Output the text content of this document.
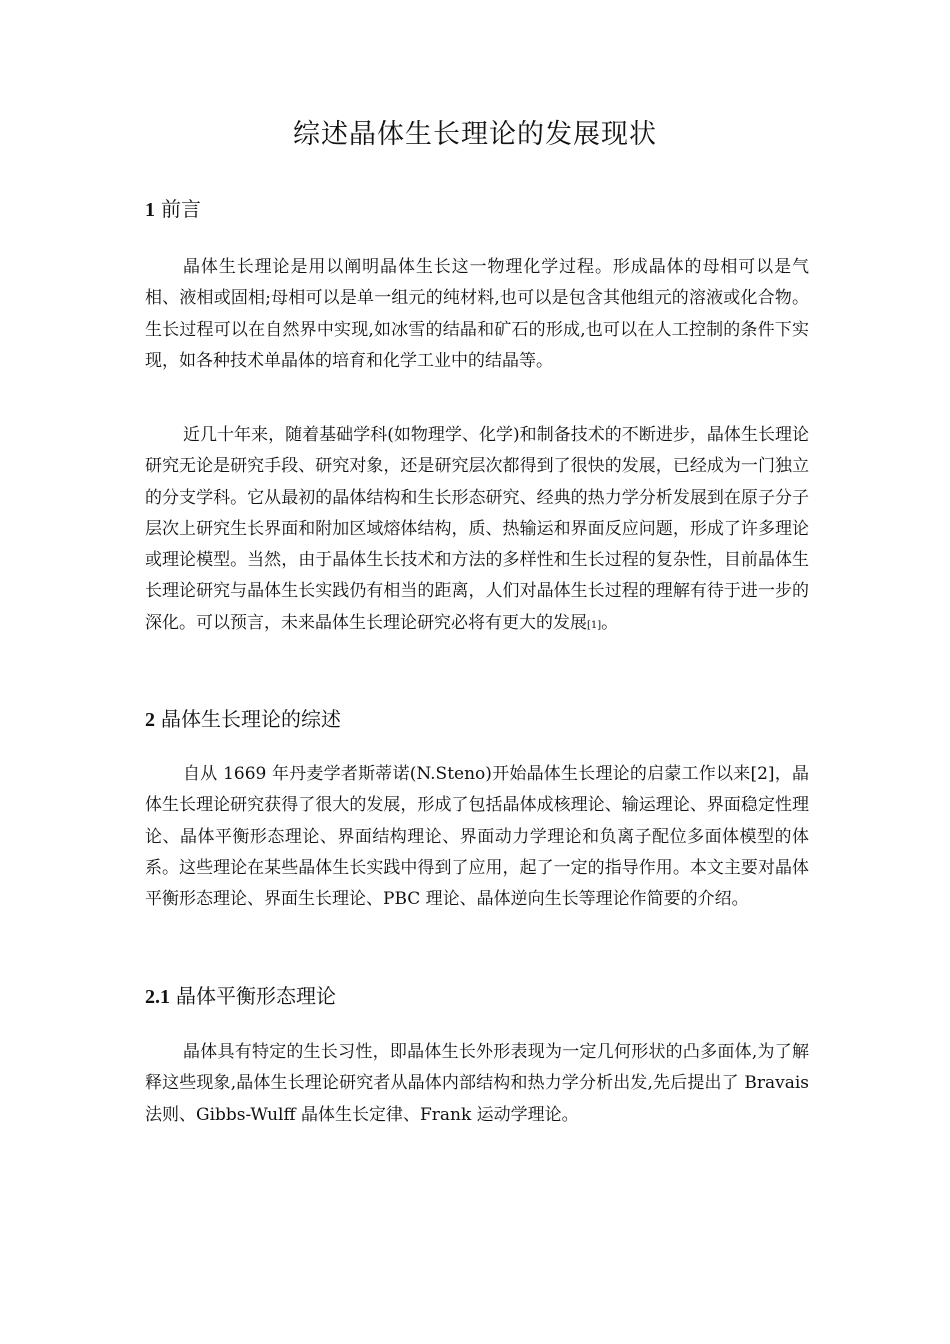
综述晶体生长理论的发展现状
1 前言

晶体生长理论是用以阐明晶体生长这一物理化学过程。形成晶体的母相可以是气相、液相或固相;母相可以是单一组元的纯材料,也可以是包含其他组元的溶液或化合物。生长过程可以在自然界中实现,如冰雪的结晶和矿石的形成,也可以在人工控制的条件下实现，如各种技术单晶体的培育和化学工业中的结晶等。

近几十年来，随着基础学科(如物理学、化学)和制备技术的不断进步，晶体生长理论研究无论是研究手段、研究对象，还是研究层次都得到了很快的发展，已经成为一门独立的分支学科。它从最初的晶体结构和生长形态研究、经典的热力学分析发展到在原子分子层次上研究生长界面和附加区域熔体结构，质、热输运和界面反应问题，形成了许多理论或理论模型。当然，由于晶体生长技术和方法的多样性和生长过程的复杂性，目前晶体生长理论研究与晶体生长实践仍有相当的距离，人们对晶体生长过程的理解有待于进一步的深化。可以预言，未来晶体生长理论研究必将有更大的发展[1]。

2 晶体生长理论的综述

自从 1669 年丹麦学者斯蒂诺(N.Steno)开始晶体生长理论的启蒙工作以来[2]，晶体生长理论研究获得了很大的发展，形成了包括晶体成核理论、输运理论、界面稳定性理论、晶体平衡形态理论、界面结构理论、界面动力学理论和负离子配位多面体模型的体系。这些理论在某些晶体生长实践中得到了应用，起了一定的指导作用。本文主要对晶体平衡形态理论、界面生长理论、PBC 理论、晶体逆向生长等理论作简要的介绍。

2.1 晶体平衡形态理论

晶体具有特定的生长习性，即晶体生长外形表现为一定几何形状的凸多面体,为了解释这些现象,晶体生长理论研究者从晶体内部结构和热力学分析出发,先后提出了 Bravais 法则、Gibbs-Wulff 晶体生长定律、Frank 运动学理论。
